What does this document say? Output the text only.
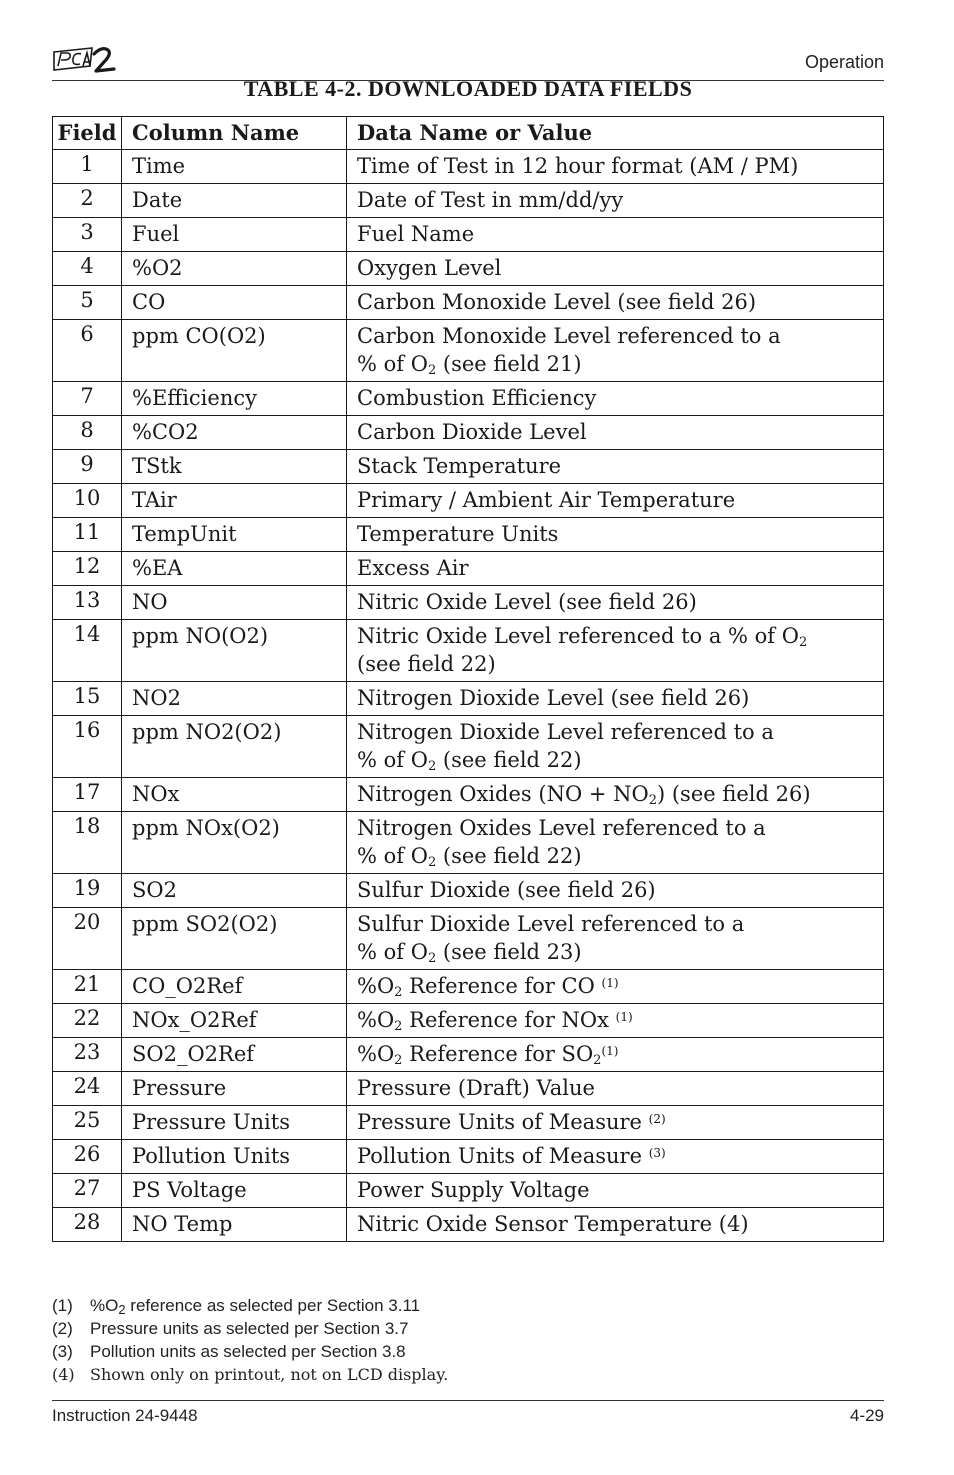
Operation
TABLE 4-2. DOWNLOADED DATA FIELDS
Field	Column Name	Data Name or Value
1	Time	Time of Test in 12 hour format (AM / PM)
2	Date	Date of Test in mm/dd/yy
3	Fuel	Fuel Name
4	%O2	Oxygen Level
5	CO	Carbon Monoxide Level (see field 26)
6	ppm CO(O2)	Carbon Monoxide Level referenced to a
% of $O_2$ (see field 21)
7	%Efficiency	Combustion Efficiency
8	%CO2	Carbon Dioxide Level
9	TStk	Stack Temperature
10	TAir	Primary / Ambient Air Temperature
11	TempUnit	Temperature Units
12	%EA	Excess Air
13	NO	Nitric Oxide Level (see field 26)
14	ppm NO(O2)	Nitric Oxide Level referenced to a % of $O_2$
(see field 22)
15	NO2	Nitrogen Dioxide Level (see field 26)
16	ppm NO2(O2)	Nitrogen Dioxide Level referenced to a
% of $O_2$ (see field 22)
17	NOx	Nitrogen Oxides $(NO + NO_2)$ (see field 26)
18	ppm NOx(O2)	Nitrogen Oxides Level referenced to a
% of $O_2$ (see field 22)
19	SO2	Sulfur Dioxide (see field 26)
20	ppm SO2(O2)	Sulfur Dioxide Level referenced to a
% of $O_2$ (see field 23)
21	CO_O2Ref	$\%O_2$ Reference for CO $^{(1)}$
22	NOx_O2Ref	$\%O_2$ Reference for NOx $^{(1)}$
23	SO2_O2Ref	$\%O_2$ Reference for $SO_2^{(1)}$
24	Pressure	Pressure (Draft) Value
25	Pressure Units	Pressure Units of Measure $^{(2)}$
26	Pollution Units	Pollution Units of Measure $^{(3)}$
27	PS Voltage	Power Supply Voltage
28	NO Temp	Nitric Oxide Sensor Temperature (4)
(1)	$\%O_2$ reference as selected per Section 3.11
(2)	Pressure units as selected per Section 3.7
(3)	Pollution units as selected per Section 3.8
(4) Shown only on printout, not on LCD display.
Instruction 24-9448	4-29
